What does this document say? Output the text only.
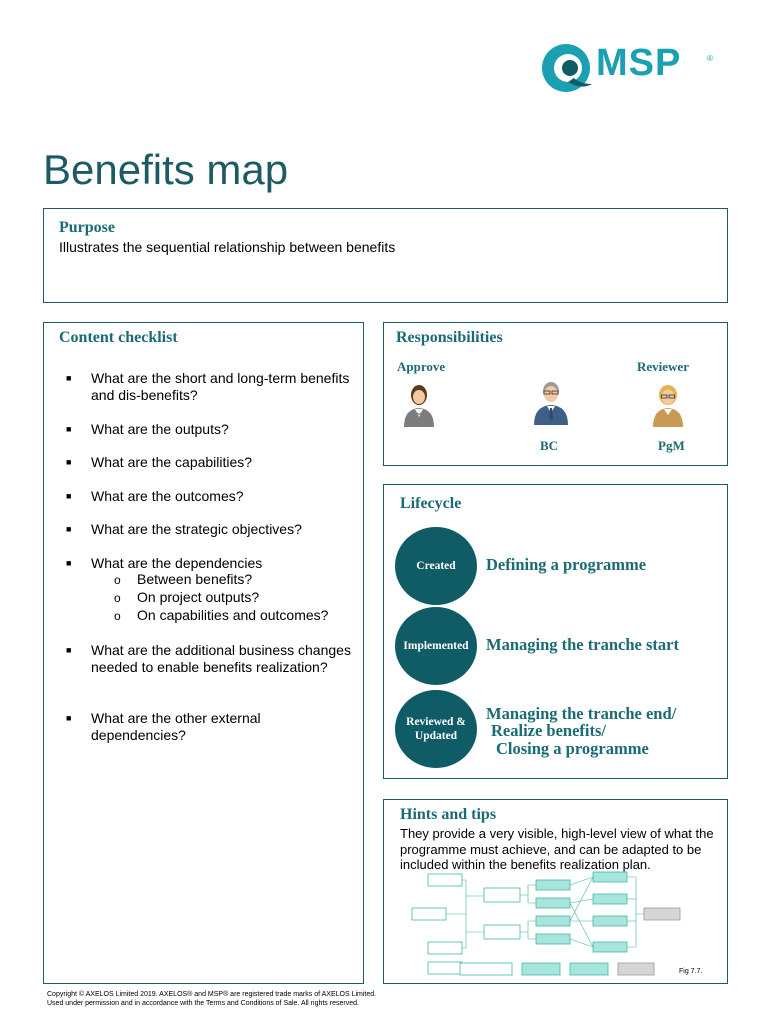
MSP	®
Benefits map
Purpose
Illustrates the sequential relationship between benefits
Content checklist
■ What are the short and long-term benefits and dis-benefits?
■ What are the outputs?
■ What are the capabilities?
■ What are the outcomes?
■ What are the strategic objectives?
■ What are the dependencies
o Between benefits?
o On project outputs?
o On capabilities and outcomes?
■ What are the additional business changes needed to enable benefits realization?
■ What are the other external dependencies?
Responsibilities
Approve	Reviewer
BC	PgM
Lifecycle
Created Defining a programme
Implemented Managing the tranche start
Reviewed &
Updated
Managing the tranche end/
Realize benefits/
Closing a programme
Hints and tips
They provide a very visible, high-level view of what the programme must achieve, and can be adapted to be included within the benefits realization plan.
Fig 7.7.
Copyright © AXELOS Limited 2019. AXELOS® and MSP® are registered trade marks of AXELOS Limited.
Used under permission and in accordance with the Terms and Conditions of Sale. All rights reserved.
